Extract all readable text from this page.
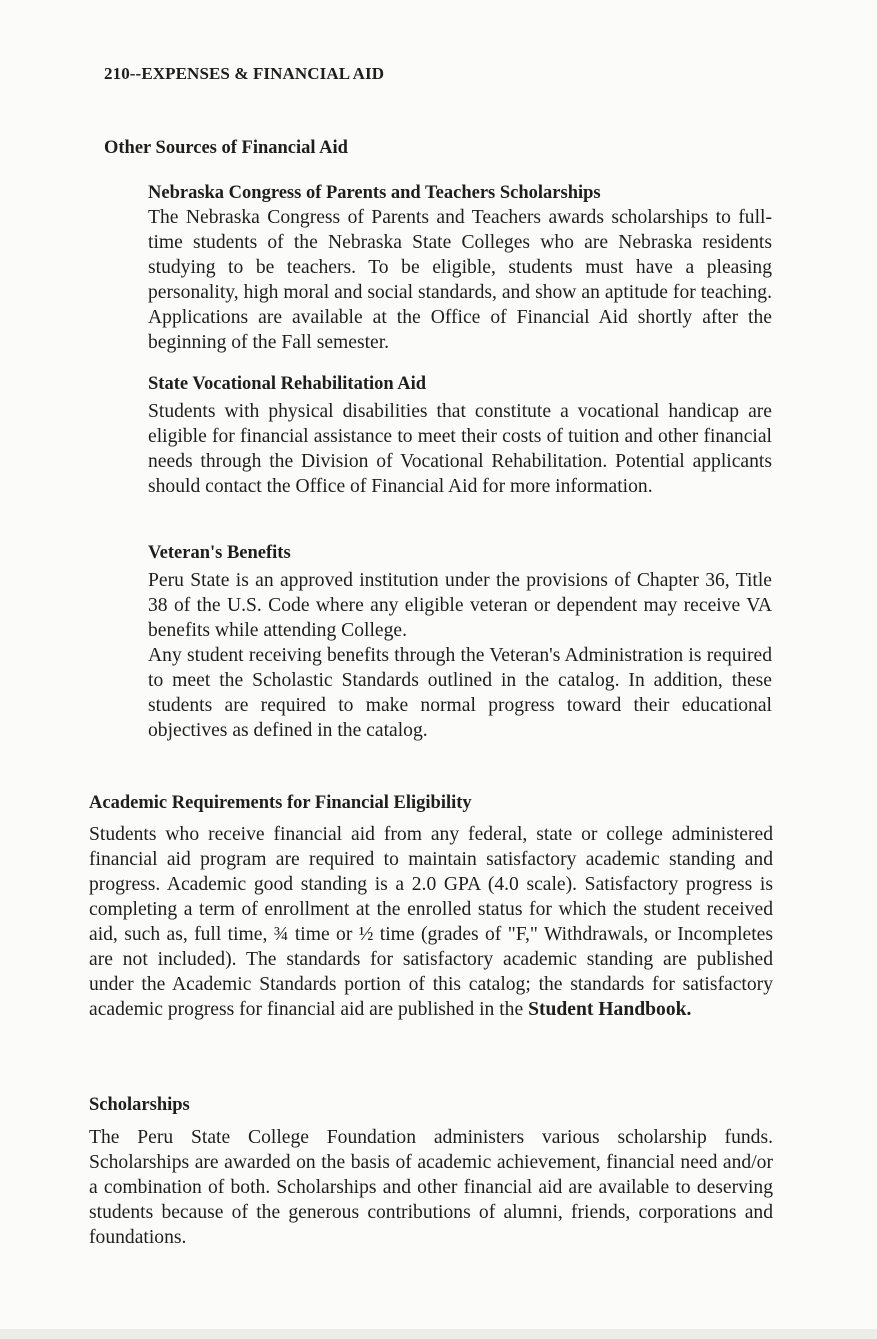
210--EXPENSES & FINANCIAL AID
Other Sources of Financial Aid
Nebraska Congress of Parents and Teachers Scholarships

The Nebraska Congress of Parents and Teachers awards scholarships to full-time students of the Nebraska State Colleges who are Nebraska residents studying to be teachers. To be eligible, students must have a pleasing personality, high moral and social standards, and show an aptitude for teaching. Applications are available at the Office of Financial Aid shortly after the beginning of the Fall semester.

State Vocational Rehabilitation Aid

Students with physical disabilities that constitute a vocational handicap are eligible for financial assistance to meet their costs of tuition and other financial needs through the Division of Vocational Rehabilitation. Potential applicants should contact the Office of Financial Aid for more information.

Veteran's Benefits

Peru State is an approved institution under the provisions of Chapter 36, Title 38 of the U.S. Code where any eligible veteran or dependent may receive VA benefits while attending College.

Any student receiving benefits through the Veteran's Administration is required to meet the Scholastic Standards outlined in the catalog. In addition, these students are required to make normal progress toward their educational objectives as defined in the catalog.

Academic Requirements for Financial Eligibility

Students who receive financial aid from any federal, state or college administered financial aid program are required to maintain satisfactory academic standing and progress. Academic good standing is a 2.0 GPA (4.0 scale). Satisfactory progress is completing a term of enrollment at the enrolled status for which the student received aid, such as, full time, ¾ time or ½ time (grades of "F," Withdrawals, or Incompletes are not included). The standards for satisfactory academic standing are published under the Academic Standards portion of this catalog; the standards for satisfactory academic progress for financial aid are published in the Student Handbook.

Scholarships

The Peru State College Foundation administers various scholarship funds. Scholarships are awarded on the basis of academic achievement, financial need and/or a combination of both. Scholarships and other financial aid are available to deserving students because of the generous contributions of alumni, friends, corporations and foundations.
